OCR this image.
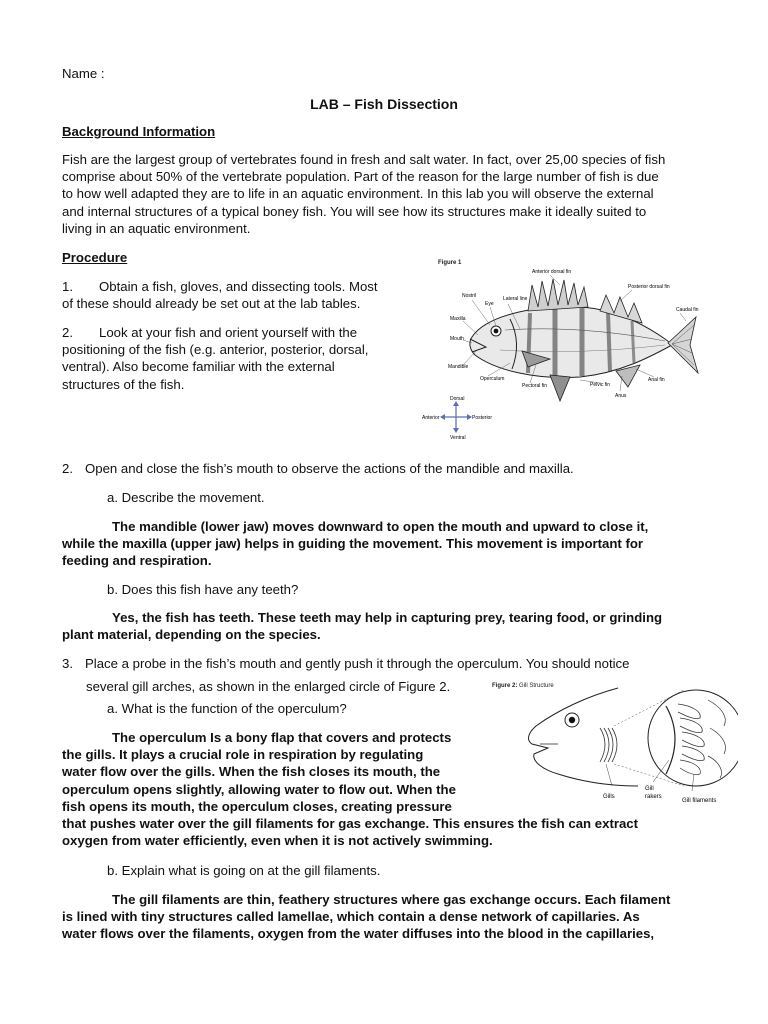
Name :
LAB – Fish Dissection
Background Information
Fish are the largest group of vertebrates found in fresh and salt water. In fact, over 25,00 species of fish
comprise about 50% of the vertebrate population. Part of the reason for the large number of fish is due
to how well adapted they are to life in an aquatic environment. In this lab you will observe the external
and internal structures of a typical boney fish. You will see how its structures make it ideally suited to
living in an aquatic environment.
Procedure
1. Obtain a fish, gloves, and dissecting tools. Most
of these should already be set out at the lab tables.
2. Look at your fish and orient yourself with the
positioning of the fish (e.g. anterior, posterior, dorsal,
ventral). Also become familiar with the external
structures of the fish.
Figure 1
Anterior dorsal fin
Posterior dorsal fin
Nostril
Eye
Lateral line
Caudal fin
Maxilla
Mouth
Mandible
Operculum
Pectoral fin	Pelvic fin
Anus
Anal fin
Dorsal
Anterior	Posterior
Ventral
2. Open and close the fish’s mouth to observe the actions of the mandible and maxilla.
a. Describe the movement.
The mandible (lower jaw) moves downward to open the mouth and upward to close it,
while the maxilla (upper jaw) helps in guiding the movement. This movement is important for
feeding and respiration.
b. Does this fish have any teeth?
Yes, the fish has teeth. These teeth may help in capturing prey, tearing food, or grinding
plant material, depending on the species.
3. Place a probe in the fish’s mouth and gently push it through the operculum. You should notice
several gill arches, as shown in the enlarged circle of Figure 2.
a. What is the function of the operculum?
The operculum Is a bony flap that covers and protects
the gills. It plays a crucial role in respiration by regulating
water flow over the gills. When the fish closes its mouth, the
operculum opens slightly, allowing water to flow out. When the
fish opens its mouth, the operculum closes, creating pressure
that pushes water over the gill filaments for gas exchange. This ensures the fish can extract
oxygen from water efficiently, even when it is not actively swimming.
Figure 2: Gill Structure
Gills
Gill
rakers
Gill filaments
b. Explain what is going on at the gill filaments.
The gill filaments are thin, feathery structures where gas exchange occurs. Each filament
is lined with tiny structures called lamellae, which contain a dense network of capillaries. As
water flows over the filaments, oxygen from the water diffuses into the blood in the capillaries,
